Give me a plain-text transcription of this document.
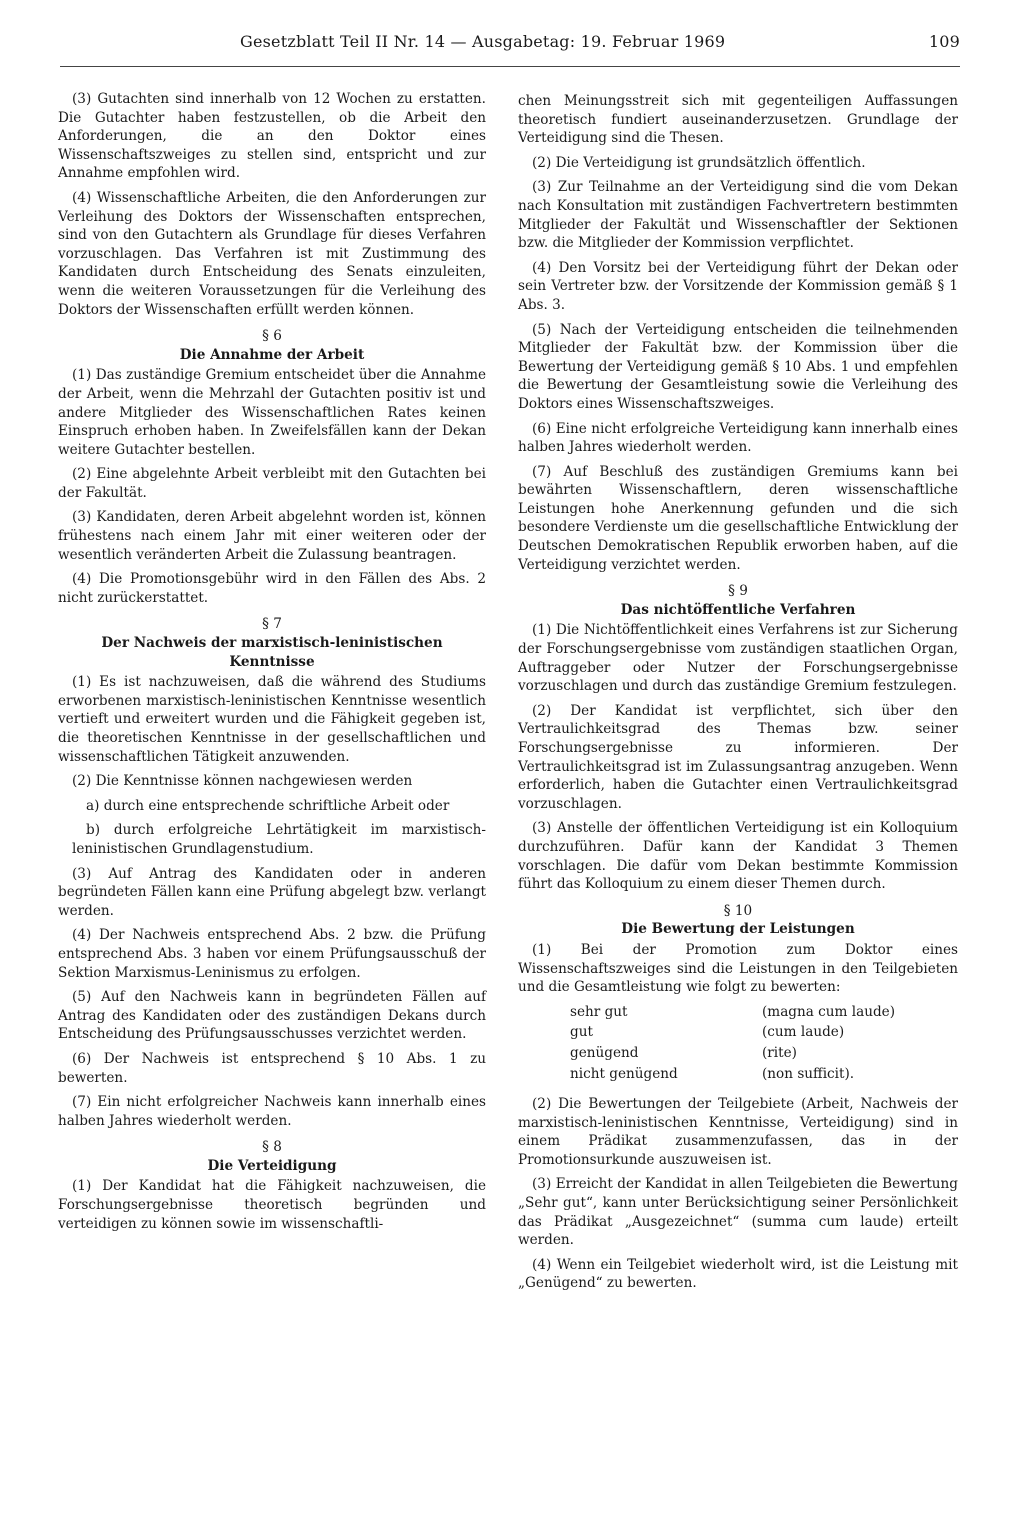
Gesetzblatt Teil II Nr. 14 — Ausgabetag: 19. Februar 1969	109

(3) Gutachten sind innerhalb von 12 Wochen zu erstatten. Die Gutachter haben festzustellen, ob die Arbeit den Anforderungen, die an den Doktor eines Wissenschaftszweiges zu stellen sind, entspricht und zur Annahme empfohlen wird.

(4) Wissenschaftliche Arbeiten, die den Anforderungen zur Verleihung des Doktors der Wissenschaften entsprechen, sind von den Gutachtern als Grundlage für dieses Verfahren vorzuschlagen. Das Verfahren ist mit Zustimmung des Kandidaten durch Entscheidung des Senats einzuleiten, wenn die weiteren Voraussetzungen für die Verleihung des Doktors der Wissenschaften erfüllt werden können.

§ 6
Die Annahme der Arbeit

(1) Das zuständige Gremium entscheidet über die Annahme der Arbeit, wenn die Mehrzahl der Gutachten positiv ist und andere Mitglieder des Wissenschaftlichen Rates keinen Einspruch erhoben haben. In Zweifelsfällen kann der Dekan weitere Gutachter bestellen.

(2) Eine abgelehnte Arbeit verbleibt mit den Gutachten bei der Fakultät.

(3) Kandidaten, deren Arbeit abgelehnt worden ist, können frühestens nach einem Jahr mit einer weiteren oder der wesentlich veränderten Arbeit die Zulassung beantragen.

(4) Die Promotionsgebühr wird in den Fällen des Abs. 2 nicht zurückerstattet.

§ 7
Der Nachweis der marxistisch-leninistischen Kenntnisse

(1) Es ist nachzuweisen, daß die während des Studiums erworbenen marxistisch-leninistischen Kenntnisse wesentlich vertieft und erweitert wurden und die Fähigkeit gegeben ist, die theoretischen Kenntnisse in der gesellschaftlichen und wissenschaftlichen Tätigkeit anzuwenden.

(2) Die Kenntnisse können nachgewiesen werden

a) durch eine entsprechende schriftliche Arbeit oder

b) durch erfolgreiche Lehrtätigkeit im marxistisch-leninistischen Grundlagenstudium.

(3) Auf Antrag des Kandidaten oder in anderen begründeten Fällen kann eine Prüfung abgelegt bzw. verlangt werden.

(4) Der Nachweis entsprechend Abs. 2 bzw. die Prüfung entsprechend Abs. 3 haben vor einem Prüfungsausschuß der Sektion Marxismus-Leninismus zu erfolgen.

(5) Auf den Nachweis kann in begründeten Fällen auf Antrag des Kandidaten oder des zuständigen Dekans durch Entscheidung des Prüfungsausschusses verzichtet werden.

(6) Der Nachweis ist entsprechend § 10 Abs. 1 zu bewerten.

(7) Ein nicht erfolgreicher Nachweis kann innerhalb eines halben Jahres wiederholt werden.

§ 8
Die Verteidigung

(1) Der Kandidat hat die Fähigkeit nachzuweisen, die Forschungsergebnisse theoretisch begründen und verteidigen zu können sowie im wissenschaftli-

chen Meinungsstreit sich mit gegenteiligen Auffassungen theoretisch fundiert auseinanderzusetzen. Grundlage der Verteidigung sind die Thesen.

(2) Die Verteidigung ist grundsätzlich öffentlich.

(3) Zur Teilnahme an der Verteidigung sind die vom Dekan nach Konsultation mit zuständigen Fachvertretern bestimmten Mitglieder der Fakultät und Wissenschaftler der Sektionen bzw. die Mitglieder der Kommission verpflichtet.

(4) Den Vorsitz bei der Verteidigung führt der Dekan oder sein Vertreter bzw. der Vorsitzende der Kommission gemäß § 1 Abs. 3.

(5) Nach der Verteidigung entscheiden die teilnehmenden Mitglieder der Fakultät bzw. der Kommission über die Bewertung der Verteidigung gemäß § 10 Abs. 1 und empfehlen die Bewertung der Gesamtleistung sowie die Verleihung des Doktors eines Wissenschaftszweiges.

(6) Eine nicht erfolgreiche Verteidigung kann innerhalb eines halben Jahres wiederholt werden.

(7) Auf Beschluß des zuständigen Gremiums kann bei bewährten Wissenschaftlern, deren wissenschaftliche Leistungen hohe Anerkennung gefunden und die sich besondere Verdienste um die gesellschaftliche Entwicklung der Deutschen Demokratischen Republik erworben haben, auf die Verteidigung verzichtet werden.

§ 9
Das nichtöffentliche Verfahren

(1) Die Nichtöffentlichkeit eines Verfahrens ist zur Sicherung der Forschungsergebnisse vom zuständigen staatlichen Organ, Auftraggeber oder Nutzer der Forschungsergebnisse vorzuschlagen und durch das zuständige Gremium festzulegen.

(2) Der Kandidat ist verpflichtet, sich über den Vertraulichkeitsgrad des Themas bzw. seiner Forschungsergebnisse zu informieren. Der Vertraulichkeitsgrad ist im Zulassungsantrag anzugeben. Wenn erforderlich, haben die Gutachter einen Vertraulichkeitsgrad vorzuschlagen.

(3) Anstelle der öffentlichen Verteidigung ist ein Kolloquium durchzuführen. Dafür kann der Kandidat 3 Themen vorschlagen. Die dafür vom Dekan bestimmte Kommission führt das Kolloquium zu einem dieser Themen durch.

§ 10
Die Bewertung der Leistungen

(1) Bei der Promotion zum Doktor eines Wissenschaftszweiges sind die Leistungen in den Teilgebieten und die Gesamtleistung wie folgt zu bewerten:

sehr gut	(magna cum laude)
gut	(cum laude)
genügend	(rite)
nicht genügend	(non sufficit).

(2) Die Bewertungen der Teilgebiete (Arbeit, Nachweis der marxistisch-leninistischen Kenntnisse, Verteidigung) sind in einem Prädikat zusammenzufassen, das in der Promotionsurkunde auszuweisen ist.

(3) Erreicht der Kandidat in allen Teilgebieten die Bewertung „Sehr gut“, kann unter Berücksichtigung seiner Persönlichkeit das Prädikat „Ausgezeichnet“ (summa cum laude) erteilt werden.

(4) Wenn ein Teilgebiet wiederholt wird, ist die Leistung mit „Genügend“ zu bewerten.
